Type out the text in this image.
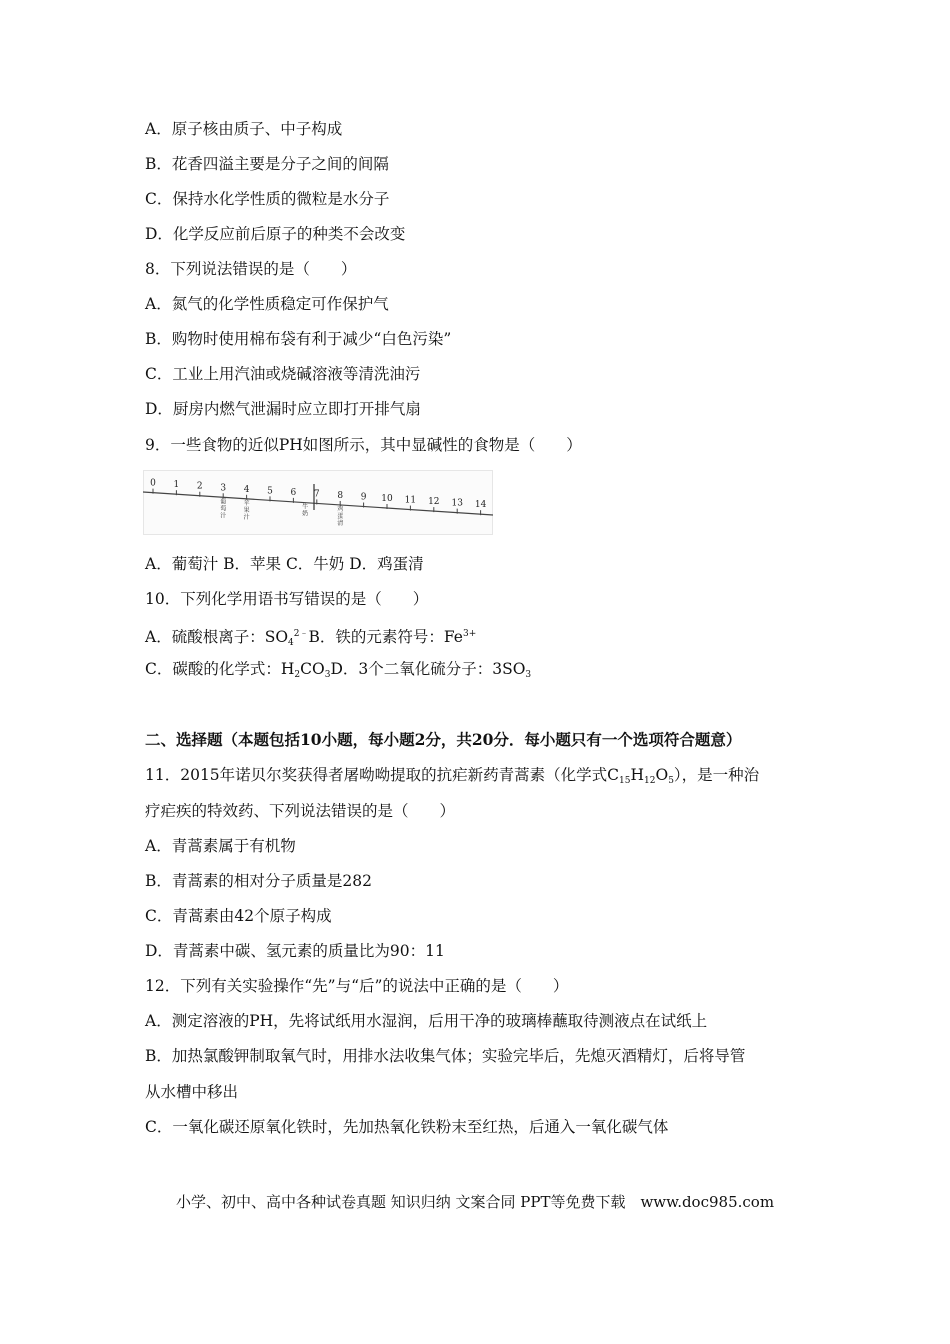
A．原子核由质子、中子构成
B．花香四溢主要是分子之间的间隔
C．保持水化学性质的微粒是水分子
D．化学反应前后原子的种类不会改变
8．下列说法错误的是（　　）
A．氮气的化学性质稳定可作保护气
B．购物时使用棉布袋有利于减少“白色污染”
C．工业上用汽油或烧碱溶液等清洗油污
D．厨房内燃气泄漏时应立即打开排气扇
9．一些食物的近似PH如图所示，其中显碱性的食物是（　　）
0 1 2 3 4 5 6 7 8 9 10 11 12 13 14
葡萄汁
苹果汁
牛奶
鸡蛋清
A．葡萄汁 B．苹果 C．牛奶 D．鸡蛋清
10．下列化学用语书写错误的是（　　）
A．硫酸根离子：$SO_4^{2﹣}B$．铁的元素符号：$Fe^{3+}$
C．碳酸的化学式：$H_2CO_3D$．3个二氧化硫分子：$3SO_3$
二、选择题（本题包括10小题，每小题2分，共20分．每小题只有一个选项符合题意）
11．2015年诺贝尔奖获得者屠呦呦提取的抗疟新药青蒿素（化学式$C_{15}H_{12}O_5$），是一种治
疗疟疾的特效药、下列说法错误的是（　　）
A．青蒿素属于有机物
B．青蒿素的相对分子质量是282
C．青蒿素由42个原子构成
D．青蒿素中碳、氢元素的质量比为90：11
12．下列有关实验操作“先”与“后”的说法中正确的是（　　）
A．测定溶液的PH，先将试纸用水湿润，后用干净的玻璃棒蘸取待测液点在试纸上
B．加热氯酸钾制取氧气时，用排水法收集气体；实验完毕后，先熄灭酒精灯，后将导管
从水槽中移出
C．一氧化碳还原氧化铁时，先加热氧化铁粉末至红热，后通入一氧化碳气体
小学、初中、高中各种试卷真题 知识归纳 文案合同 PPT等免费下载　www.doc985.com
